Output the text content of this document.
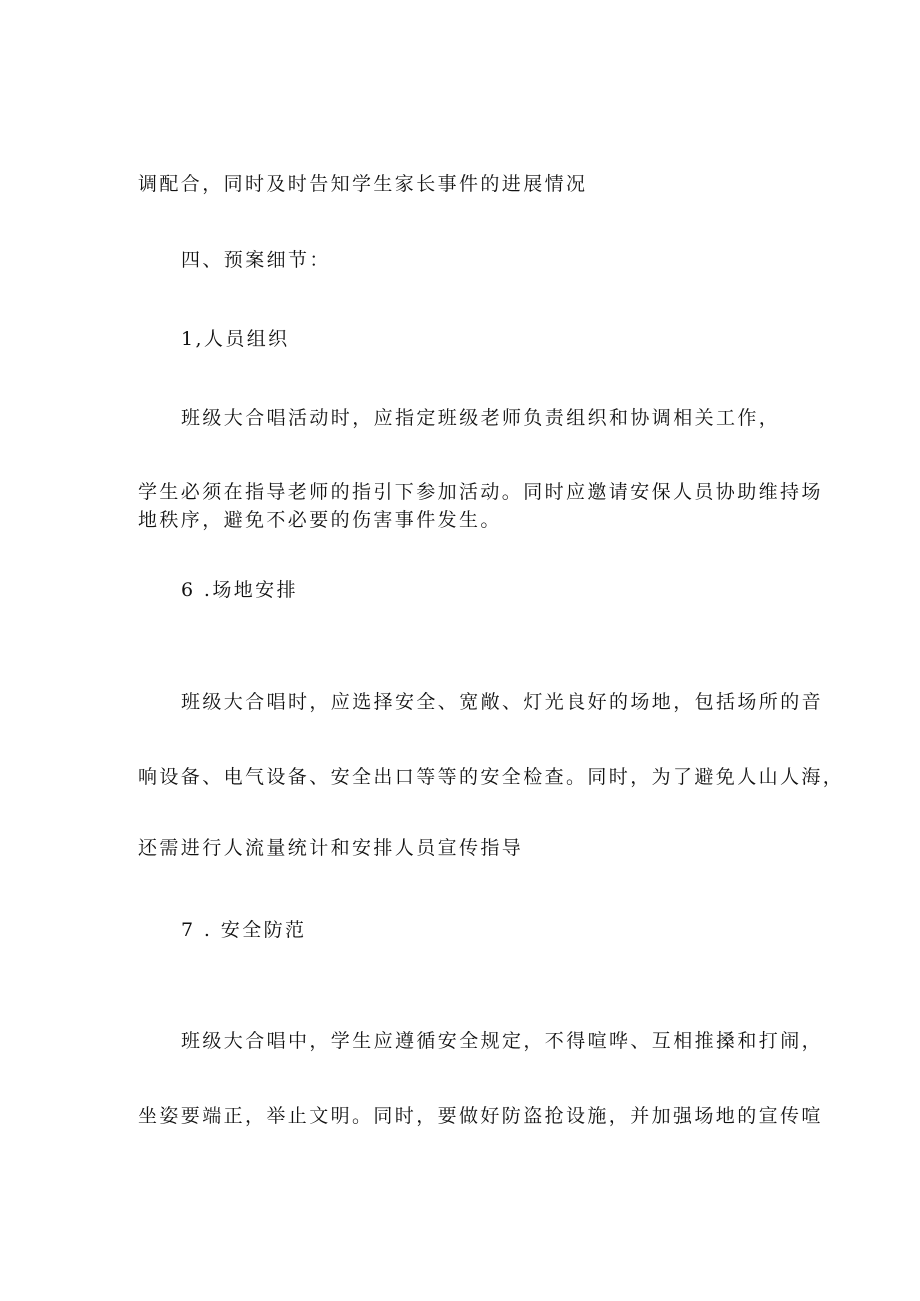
调配合，同时及时告知学生家长事件的进展情况
四、预案细节：
1,人员组织
班级大合唱活动时，应指定班级老师负责组织和协调相关工作，
学生必须在指导老师的指引下参加活动。同时应邀请安保人员协助维持场
地秩序，避免不必要的伤害事件发生。
6 .场地安排
班级大合唱时，应选择安全、宽敞、灯光良好的场地，包括场所的音
响设备、电气设备、安全出口等等的安全检查。同时，为了避免人山人海，
还需进行人流量统计和安排人员宣传指导
7 . 安全防范
班级大合唱中，学生应遵循安全规定，不得喧哗、互相推搡和打闹，
坐姿要端正，举止文明。同时，要做好防盗抢设施，并加强场地的宣传喧
